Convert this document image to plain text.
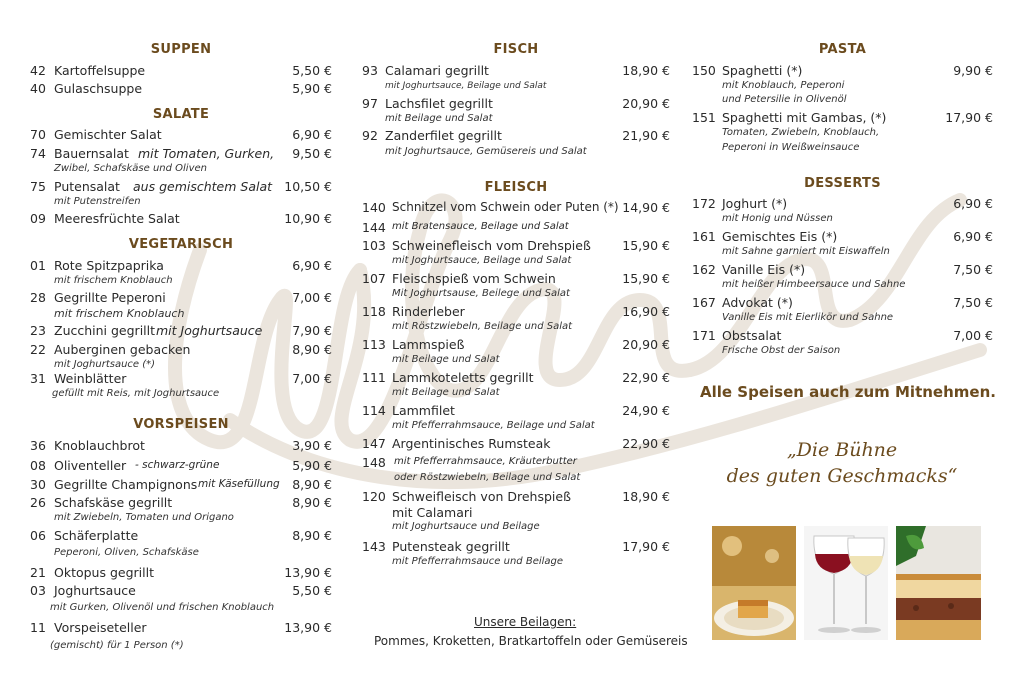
SUPPEN
42 Kartoffelsuppe	5,50 €
40 Gulaschsuppe	5,90 €
SALATE
70 Gemischter Salat	6,90 €
74 Bauernsalat mit Tomaten, Gurken, 9,50 €
Zwibel, Schafskäse und Oliven
75 Putensalat aus gemischtem Salat 10,50 €
mit Putenstreifen
09 Meeresfrüchte Salat	10,90 €
VEGETARISCH
01 Rote Spitzpaprika	6,90 €
mit frischem Knoblauch
28 Gegrillte Peperoni	7,00 €
mit frischem Knoblauch
23 Zucchini gegrillt mit Joghurtsauce 7,90 €
22 Auberginen gebacken	8,90 €
mit Joghurtsauce (*)
31 Weinblätter	7,00 €
gefüllt mit Reis, mit Joghurtsauce
VORSPEISEN
36 Knoblauchbrot	3,90 €
08 Oliventeller - schwarz-grüne	5,90 €
30 Gegrillte Champignons mit Käsefüllung 8,90 €
26 Schafskäse gegrillt	8,90 €
mit Zwiebeln, Tomaten und Origano
06 Schäferplatte	8,90 €
Peperoni, Oliven, Schafskäse
21 Oktopus gegrillt	13,90 €
03 Joghurtsauce	5,50 €
mit Gurken, Olivenöl und frischen Knoblauch
11 Vorspeiseteller	13,90 €
(gemischt) für 1 Person (*)
FISCH
93 Calamari gegrillt	18,90 €
mit Joghurtsauce, Beilage und Salat
97 Lachsfilet gegrillt	20,90 €
mit Beilage und Salat
92 Zanderfilet gegrillt	21,90 €
mit Joghurtsauce, Gemüsereis und Salat
FLEISCH
140 Schnitzel vom Schwein oder Puten (*) 14,90 €
144 mit Bratensauce, Beilage und Salat
103 Schweinefleisch vom Drehspieß	15,90 €
mit Joghurtsauce, Beilage und Salat
107 Fleischspieß vom Schwein	15,90 €
Mit Joghurtsause, Beilege und Salat
118 Rinderleber	16,90 €
mit Röstzwiebeln, Beilage und Salat
113 Lammspieß	20,90 €
mit Beilage und Salat
111 Lammkoteletts gegrillt	22,90 €
mit Beilage und Salat
114 Lammfilet	24,90 €
mit Pfefferrahmsauce, Beilage und Salat
147 Argentinisches Rumsteak	22,90 €
148 mit Pfefferrahmsauce, Kräuterbutter
oder Röstzwiebeln, Beilage und Salat
120 Schweifleisch von Drehspieß	18,90 €
mit Calamari
mit Joghurtsauce und Beilage
143 Putensteak gegrillt	17,90 €
mit Pfefferrahmsauce und Beilage
Unsere Beilagen:
Pommes, Kroketten, Bratkartoffeln oder Gemüsereis
PASTA
150 Spaghetti (*)	9,90 €
mit Knoblauch, Peperoni
und Petersilie in Olivenöl
151 Spaghetti mit Gambas, (*)	17,90 €
Tomaten, Zwiebeln, Knoblauch,
Peperoni in Weißweinsauce
DESSERTS
172 Joghurt (*)	6,90 €
mit Honig und Nüssen
161 Gemischtes Eis (*)	6,90 €
mit Sahne garniert mit Eiswaffeln
162 Vanille Eis (*)	7,50 €
mit heißer Himbeersauce und Sahne
167 Advokat (*)	7,50 €
Vanille Eis mit Eierlikör und Sahne
171 Obstsalat	7,00 €
Frische Obst der Saison
Alle Speisen auch zum Mitnehmen.
„Die Bühne
des guten Geschmacks“
